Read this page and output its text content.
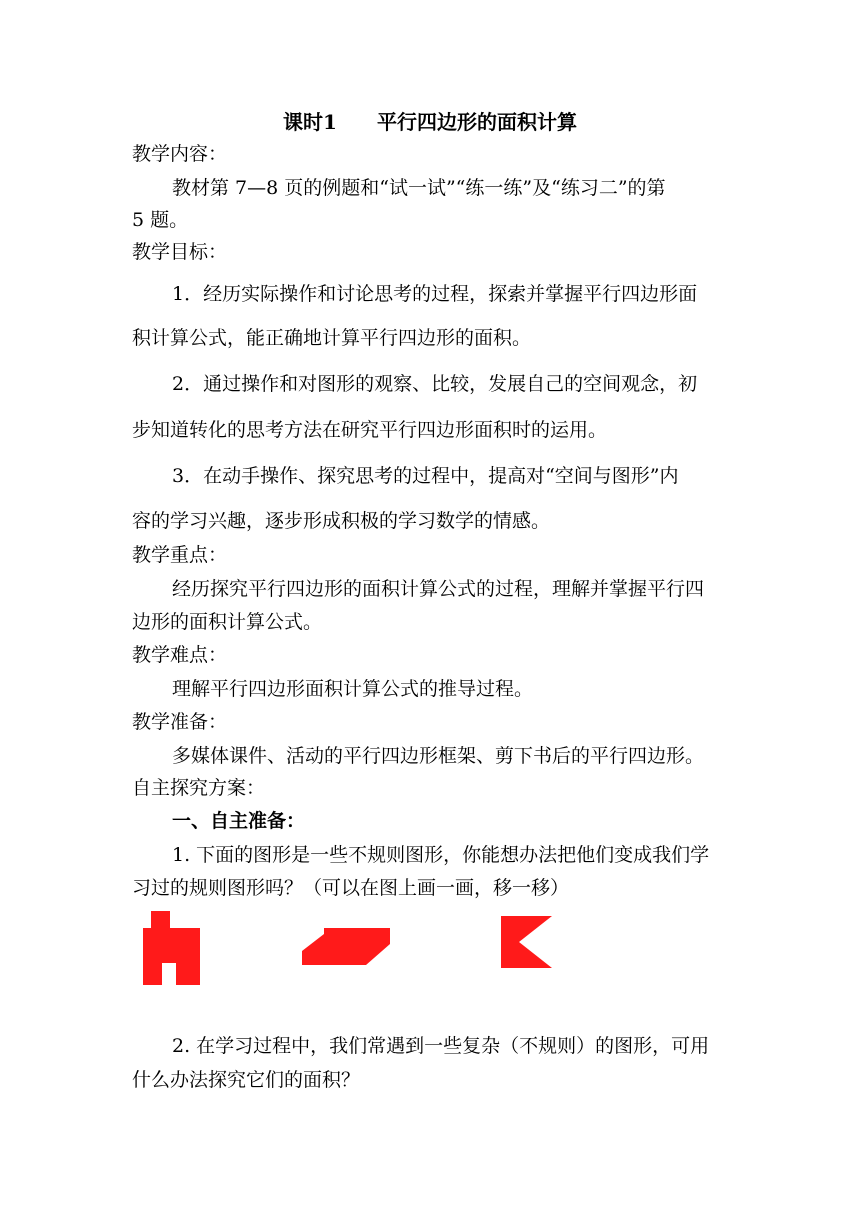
课时1　　平行四边形的面积计算
教学内容：
教材第 7—8 页的例题和“试一试”“练一练”及“练习二”的第
5 题。
教学目标：
1．经历实际操作和讨论思考的过程，探索并掌握平行四边形面
积计算公式，能正确地计算平行四边形的面积。
2．通过操作和对图形的观察、比较，发展自己的空间观念，初
步知道转化的思考方法在研究平行四边形面积时的运用。
3．在动手操作、探究思考的过程中，提高对“空间与图形”内
容的学习兴趣，逐步形成积极的学习数学的情感。
教学重点：
经历探究平行四边形的面积计算公式的过程，理解并掌握平行四
边形的面积计算公式。
教学难点：
理解平行四边形面积计算公式的推导过程。
教学准备：
多媒体课件、活动的平行四边形框架、剪下书后的平行四边形。
自主探究方案：
一、自主准备：
1. 下面的图形是一些不规则图形，你能想办法把他们变成我们学
习过的规则图形吗？（可以在图上画一画，移一移）
2. 在学习过程中，我们常遇到一些复杂（不规则）的图形，可用
什么办法探究它们的面积？
